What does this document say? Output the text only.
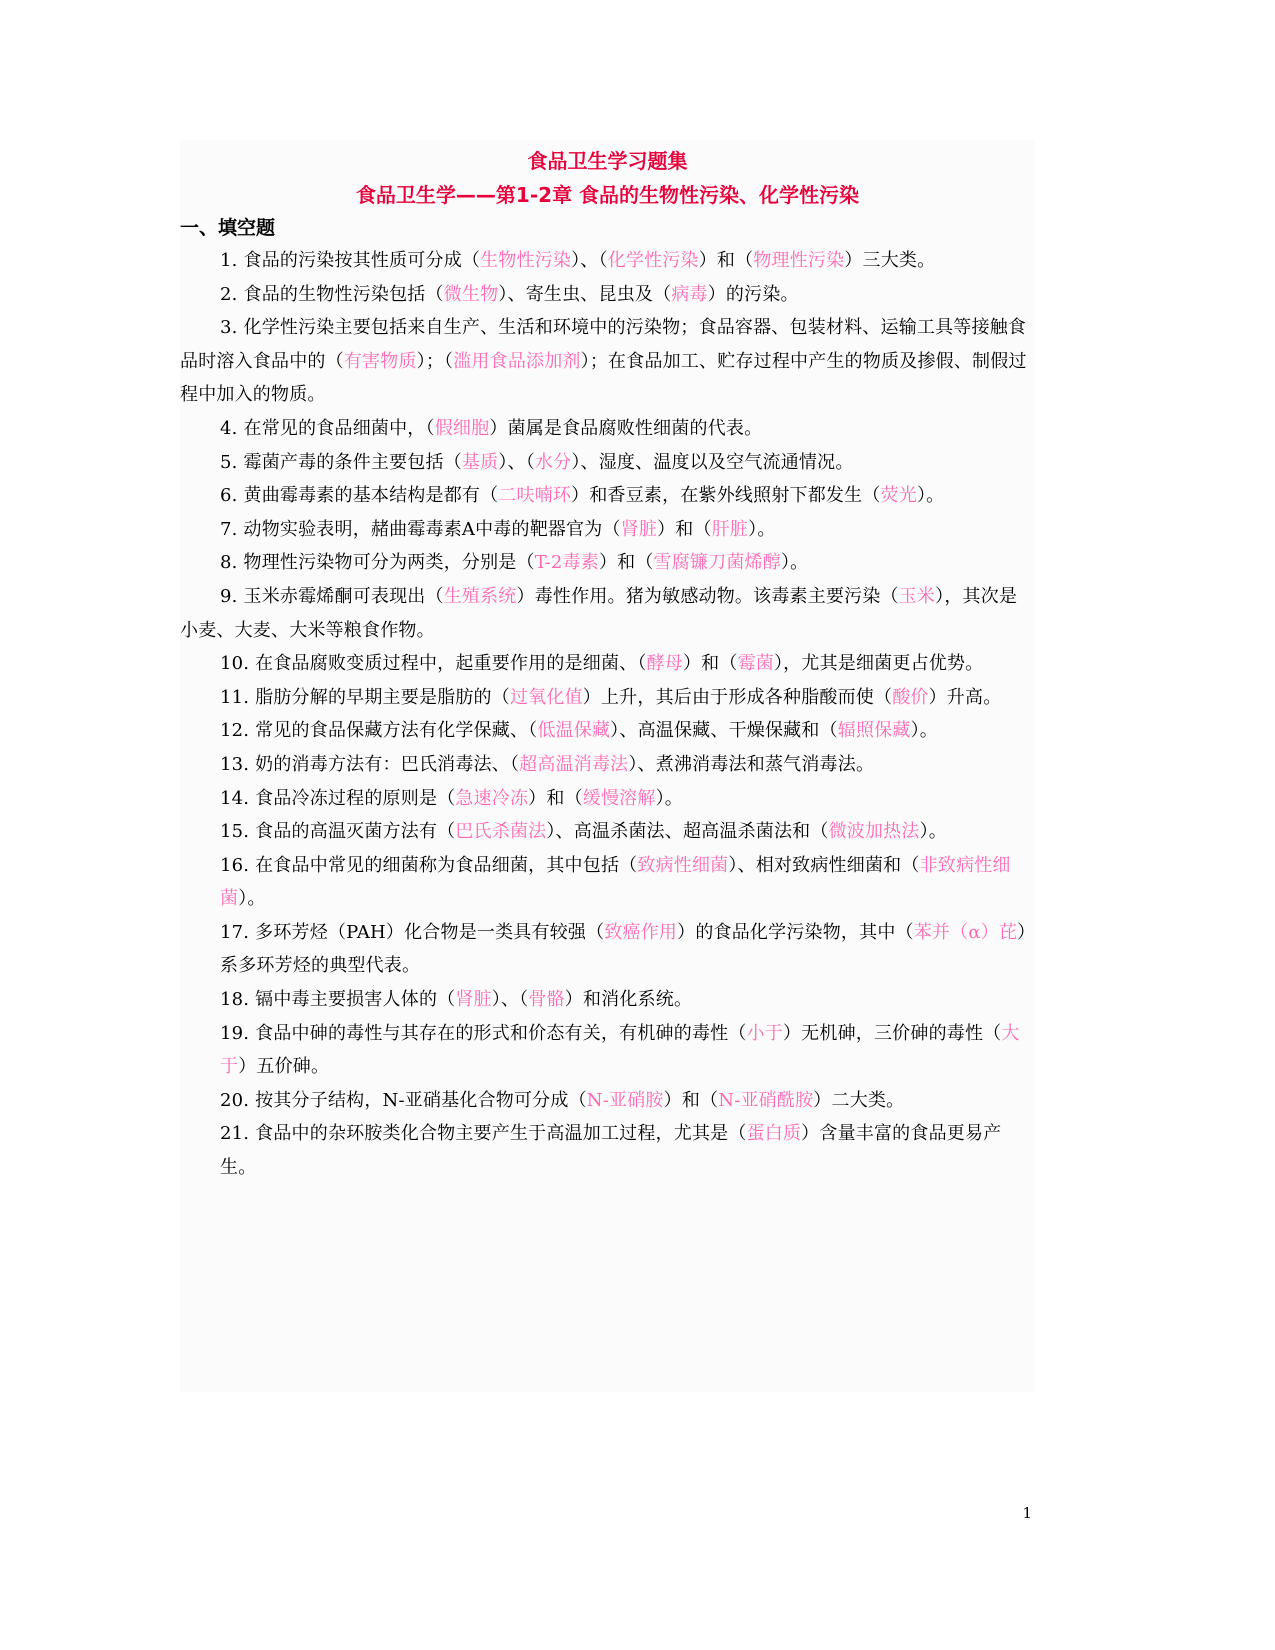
食品卫生学习题集

食品卫生学——第1-2章 食品的生物性污染、化学性污染

一、填空题

1. 食品的污染按其性质可分成（生物性污染）、（化学性污染）和（物理性污染）三大类。

2. 食品的生物性污染包括（微生物）、寄生虫、昆虫及（病毒）的污染。

3. 化学性污染主要包括来自生产、生活和环境中的污染物；食品容器、包装材料、运输工具等接触食品时溶入食品中的（有害物质）；（滥用食品添加剂）；在食品加工、贮存过程中产生的物质及掺假、制假过程中加入的物质。

4. 在常见的食品细菌中，（假细胞）菌属是食品腐败性细菌的代表。

5. 霉菌产毒的条件主要包括（基质）、（水分）、湿度、温度以及空气流通情况。

6. 黄曲霉毒素的基本结构是都有（二呋喃环）和香豆素，在紫外线照射下都发生（荧光）。

7. 动物实验表明，赭曲霉毒素A中毒的靶器官为（肾脏）和（肝脏）。

8. 物理性污染物可分为两类，分别是（T-2毒素）和（雪腐镰刀菌烯醇）。

9. 玉米赤霉烯酮可表现出（生殖系统）毒性作用。猪为敏感动物。该毒素主要污染（玉米），其次是小麦、大麦、大米等粮食作物。

10. 在食品腐败变质过程中，起重要作用的是细菌、（酵母）和（霉菌），尤其是细菌更占优势。

11. 脂肪分解的早期主要是脂肪的（过氧化值）上升，其后由于形成各种脂酸而使（酸价）升高。

12. 常见的食品保藏方法有化学保藏、（低温保藏）、高温保藏、干燥保藏和（辐照保藏）。

13. 奶的消毒方法有：巴氏消毒法、（超高温消毒法）、煮沸消毒法和蒸气消毒法。

14. 食品冷冻过程的原则是（急速冷冻）和（缓慢溶解）。

15. 食品的高温灭菌方法有（巴氏杀菌法）、高温杀菌法、超高温杀菌法和（微波加热法）。

16. 在食品中常见的细菌称为食品细菌，其中包括（致病性细菌）、相对致病性细菌和（非致病性细菌）。

17. 多环芳烃（PAH）化合物是一类具有较强（致癌作用）的食品化学污染物，其中（苯并（α）芘）系多环芳烃的典型代表。

18. 镉中毒主要损害人体的（肾脏）、（骨骼）和消化系统。

19. 食品中砷的毒性与其存在的形式和价态有关，有机砷的毒性（小于）无机砷，三价砷的毒性（大于）五价砷。

20. 按其分子结构，N-亚硝基化合物可分成（N-亚硝胺）和（N-亚硝酰胺）二大类。

21. 食品中的杂环胺类化合物主要产生于高温加工过程，尤其是（蛋白质）含量丰富的食品更易产生。

1
